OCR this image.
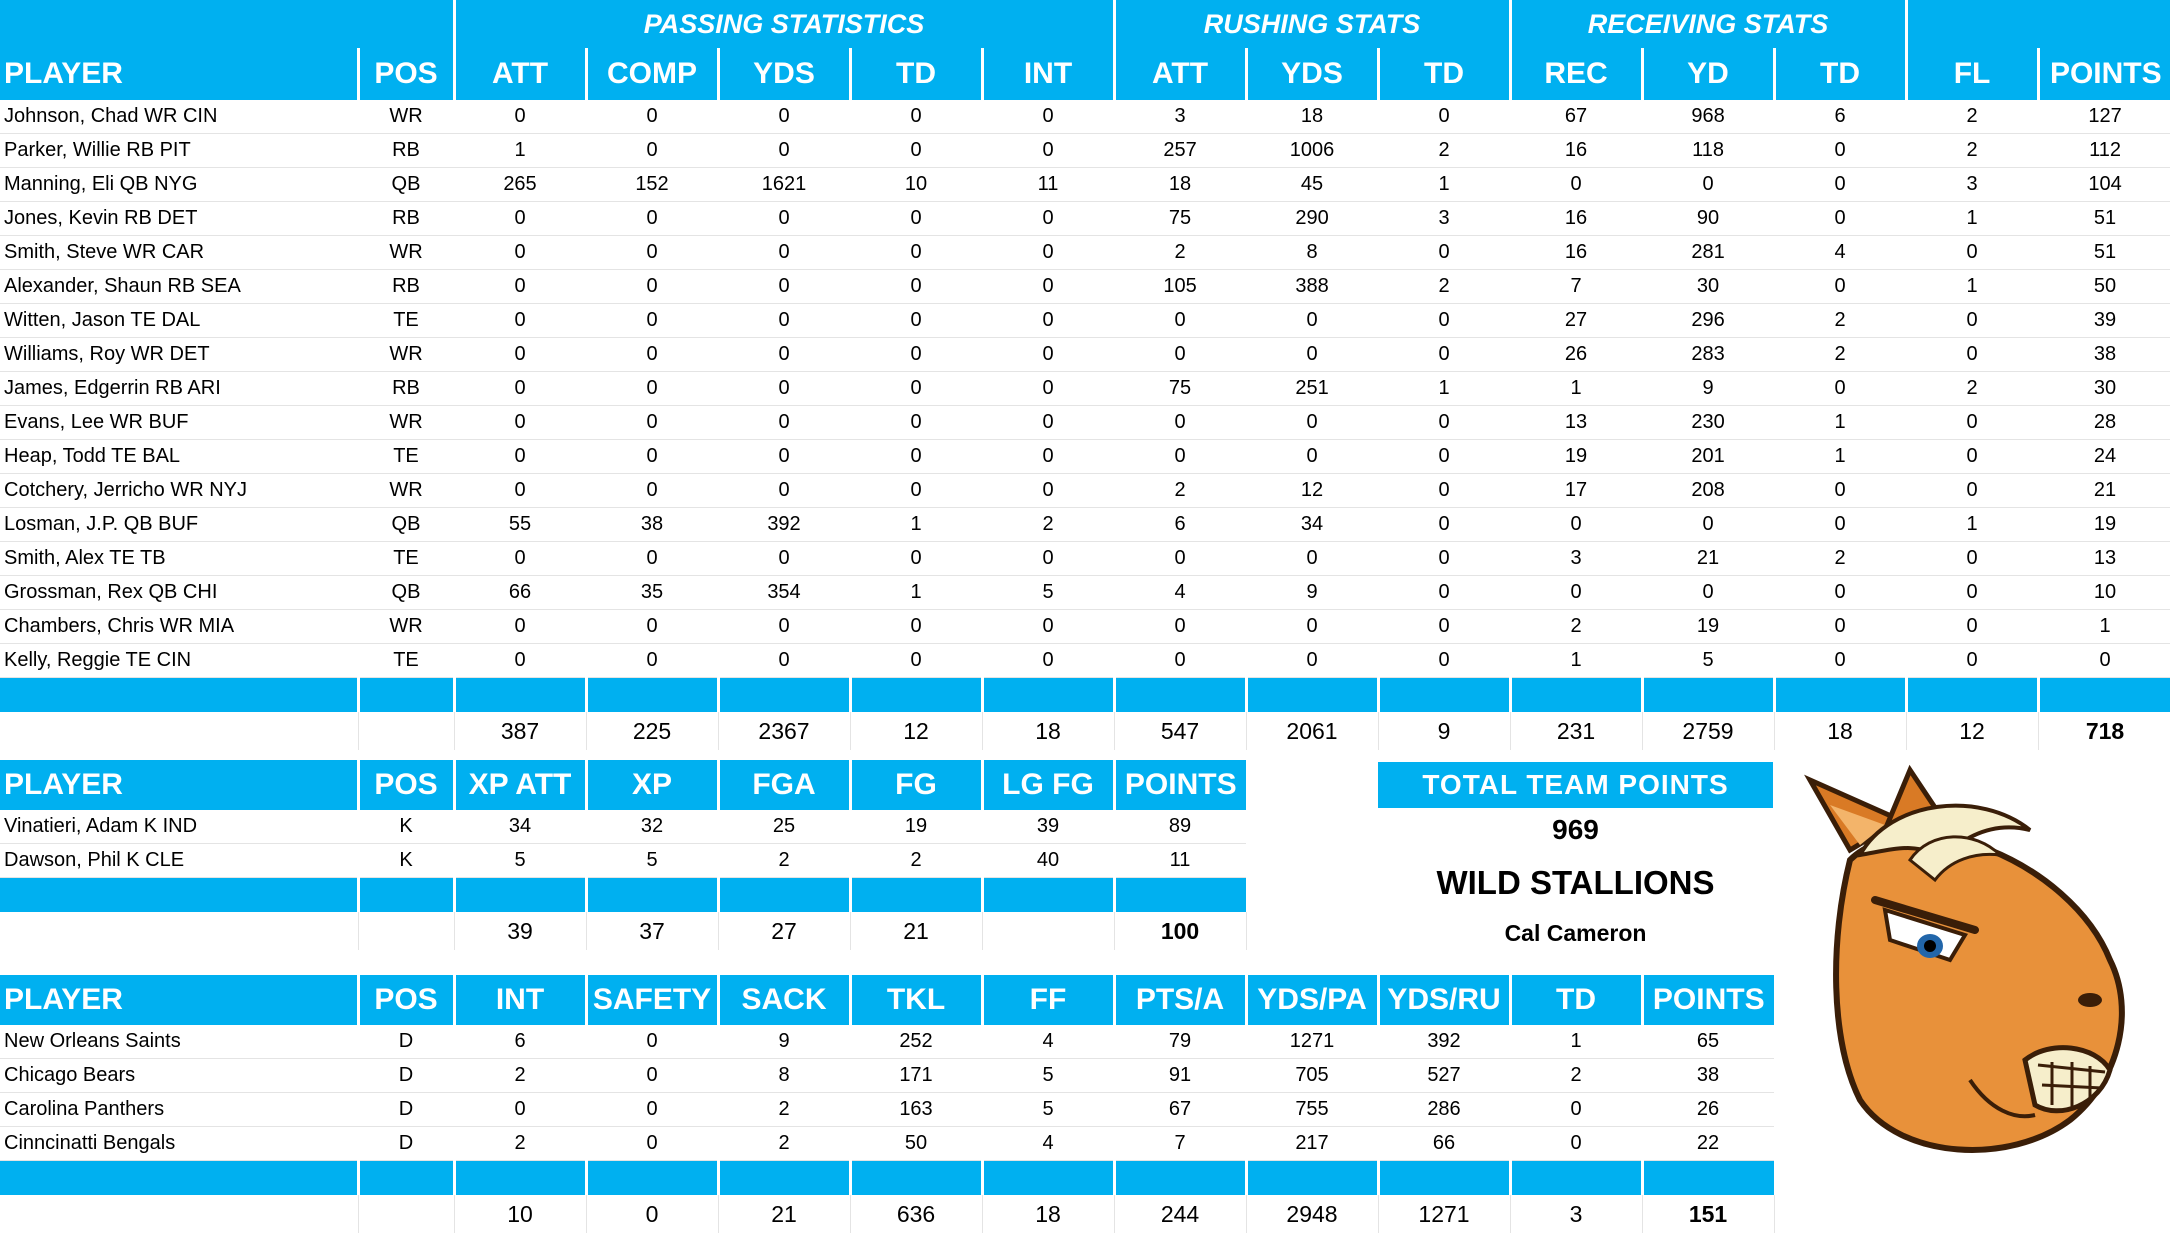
		PASSING STATISTICS					RUSHING STATS			RECEIVING STATS				
PLAYER	POS	ATT	COMP	YDS	TD	INT	ATT	YDS	TD	REC	YD	TD	FL	POINTS
Johnson, Chad WR CIN	WR	0	0	0	0	0	3	18	0	67	968	6	2	127
Parker, Willie RB PIT	RB	1	0	0	0	0	257	1006	2	16	118	0	2	112
Manning, Eli QB NYG	QB	265	152	1621	10	11	18	45	1	0	0	0	3	104
Jones, Kevin RB DET	RB	0	0	0	0	0	75	290	3	16	90	0	1	51
Smith, Steve WR CAR	WR	0	0	0	0	0	2	8	0	16	281	4	0	51
Alexander, Shaun RB SEA	RB	0	0	0	0	0	105	388	2	7	30	0	1	50
Witten, Jason TE DAL	TE	0	0	0	0	0	0	0	0	27	296	2	0	39
Williams, Roy WR DET	WR	0	0	0	0	0	0	0	0	26	283	2	0	38
James, Edgerrin RB ARI	RB	0	0	0	0	0	75	251	1	1	9	0	2	30
Evans, Lee WR BUF	WR	0	0	0	0	0	0	0	0	13	230	1	0	28
Heap, Todd TE BAL	TE	0	0	0	0	0	0	0	0	19	201	1	0	24
Cotchery, Jerricho WR NYJ	WR	0	0	0	0	0	2	12	0	17	208	0	0	21
Losman, J.P. QB BUF	QB	55	38	392	1	2	6	34	0	0	0	0	1	19
Smith, Alex TE TB	TE	0	0	0	0	0	0	0	0	3	21	2	0	13
Grossman, Rex QB CHI	QB	66	35	354	1	5	4	9	0	0	0	0	0	10
Chambers, Chris WR MIA	WR	0	0	0	0	0	0	0	0	2	19	0	0	1
Kelly, Reggie TE CIN	TE	0	0	0	0	0	0	0	0	1	5	0	0	0

		387	225	2367	12	18	547	2061	9	231	2759	18	12	718
PLAYER	POS	XP ATT	XP	FGA	FG	LG FG	POINTS
Vinatieri, Adam K IND	K	34	32	25	19	39	89
Dawson, Phil K CLE	K	5	5	2	2	40	11

		39	37	27	21		100
PLAYER	POS	INT	SAFETY	SACK	TKL	FF	PTS/A	YDS/PA	YDS/RU	TD	POINTS
New Orleans Saints	D	6	0	9	252	4	79	1271	392	1	65
Chicago Bears	D	2	0	8	171	5	91	705	527	2	38
Carolina Panthers	D	0	0	2	163	5	67	755	286	0	26
Cinncinatti Bengals	D	2	0	2	50	4	7	217	66	0	22

		10	0	21	636	18	244	2948	1271	3	151
TOTAL TEAM POINTS
969
WILD STALLIONS
Cal Cameron
